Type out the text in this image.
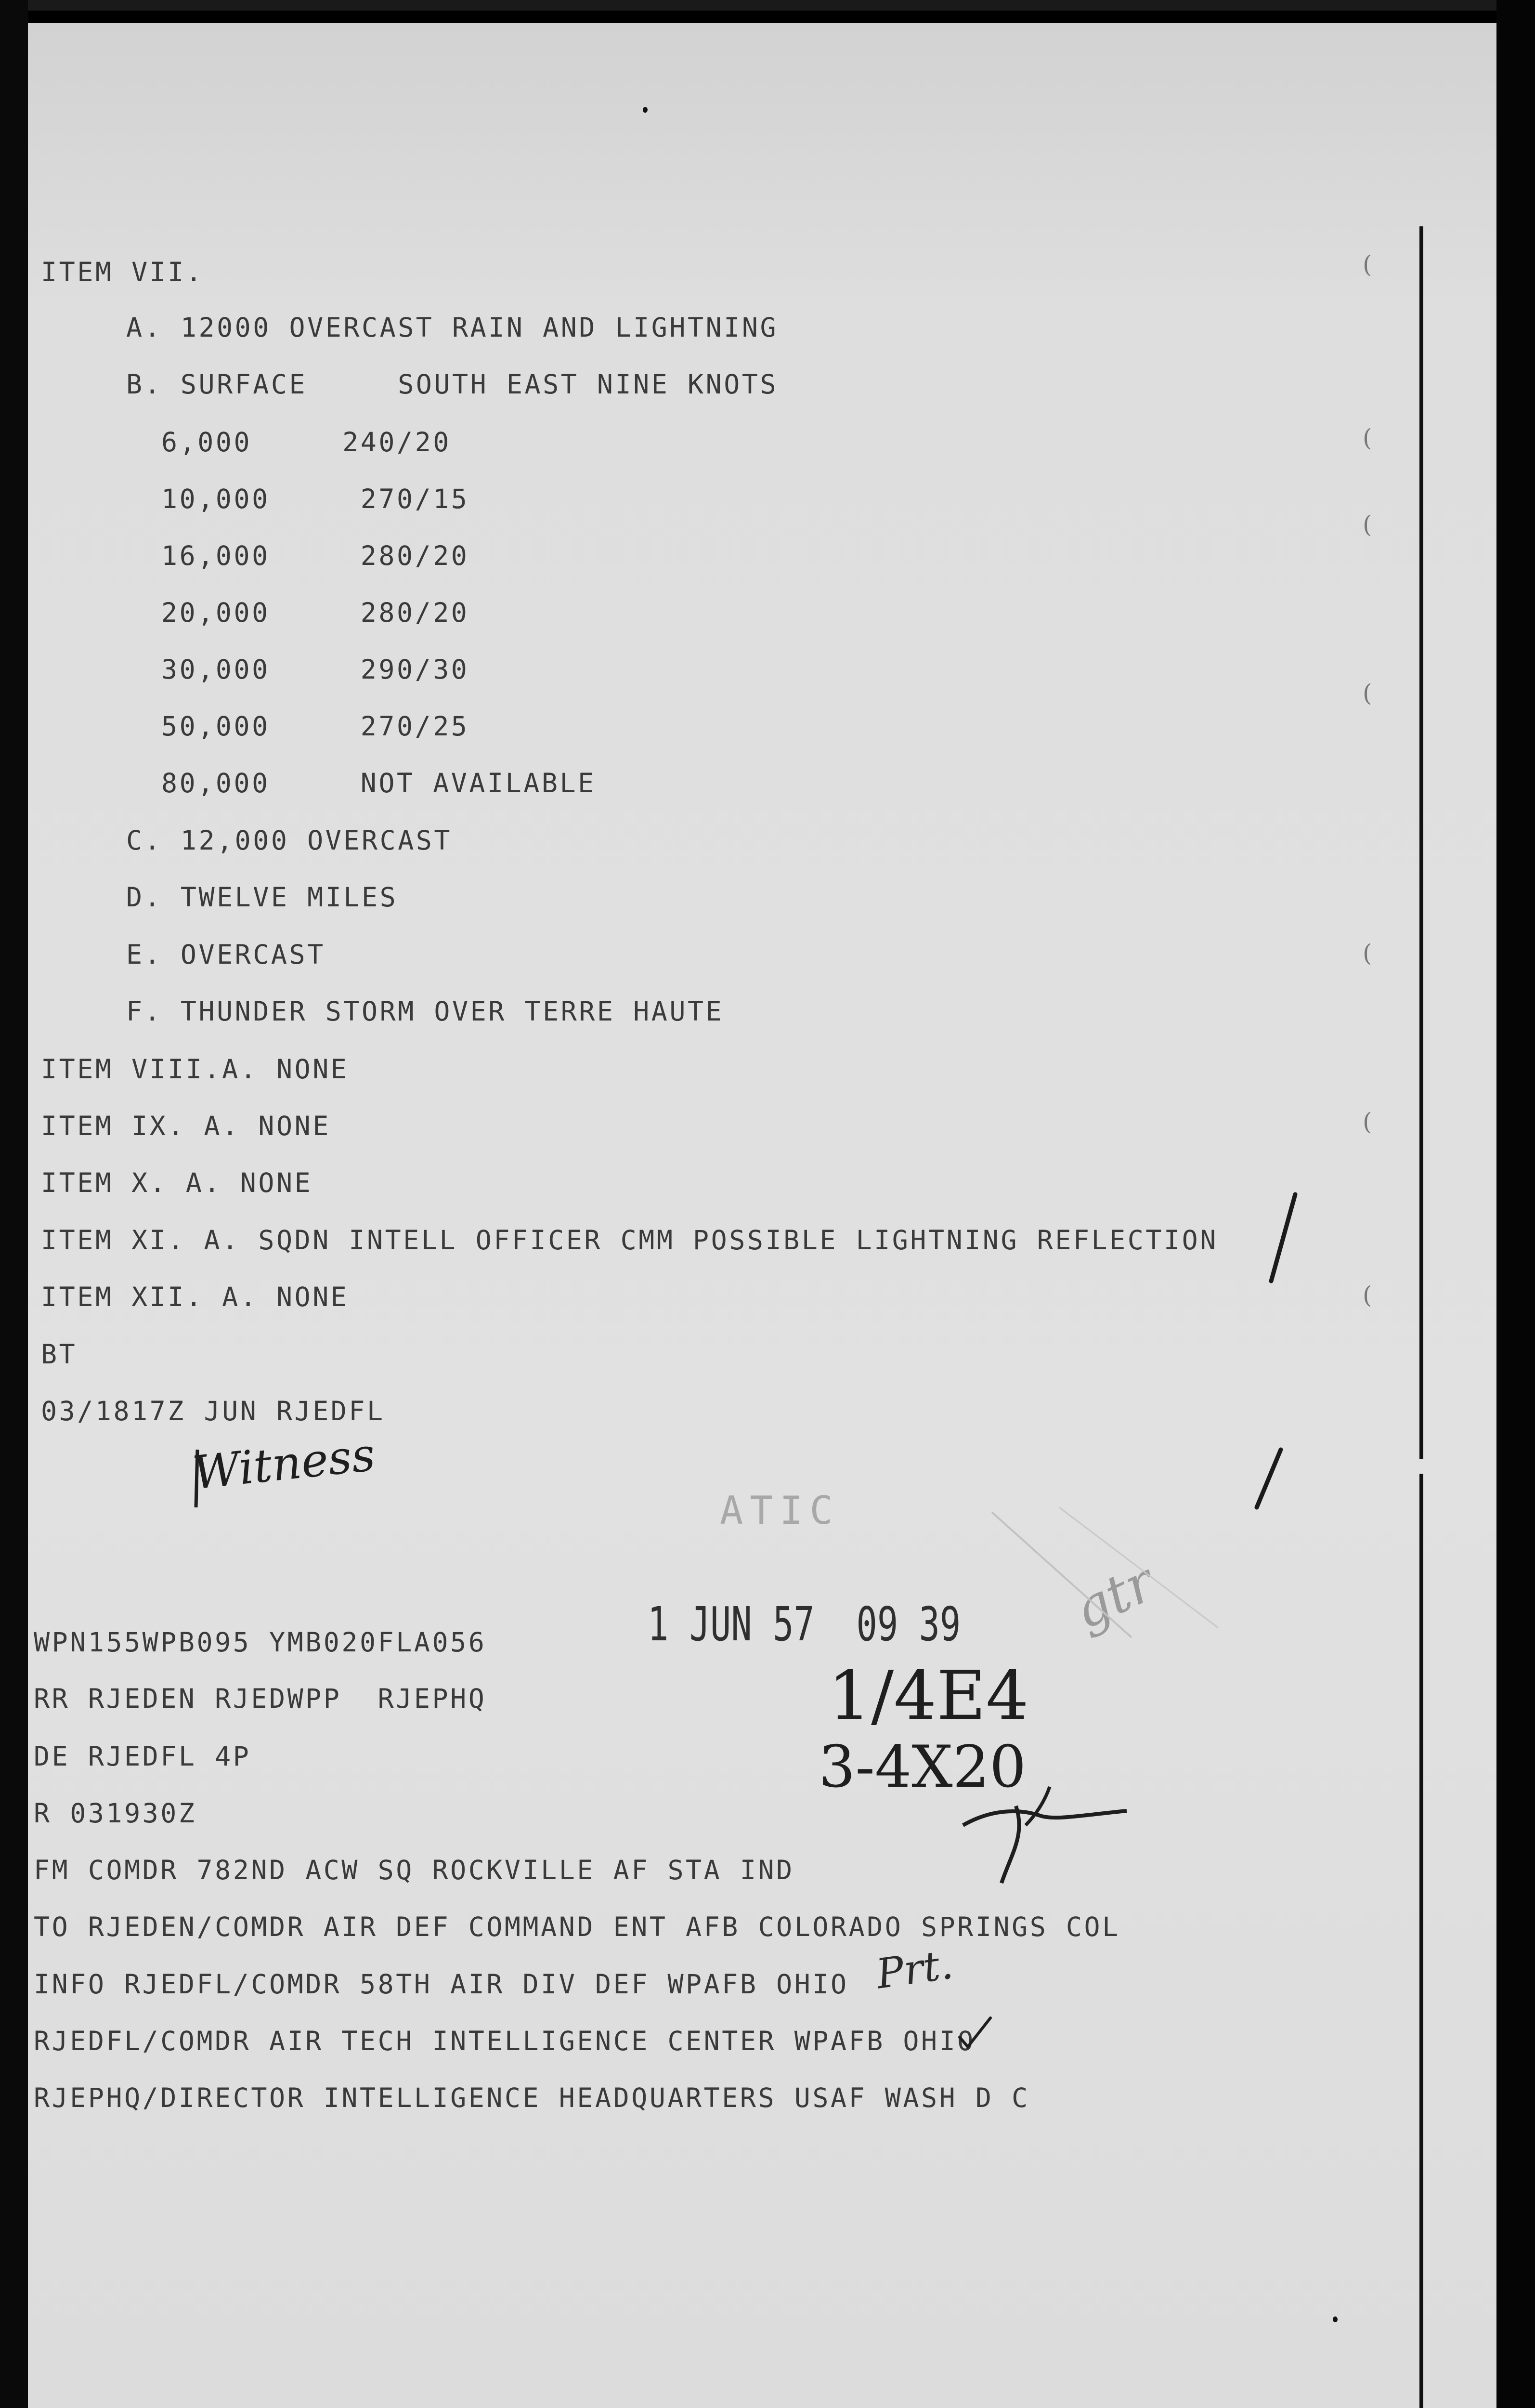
(
(
(
(
(
(
(

ITEM VII.

A. 12000 OVERCAST RAIN AND LIGHTNING

B. SURFACE     SOUTH EAST NINE KNOTS

6,000     240/20

10,000     270/15

16,000     280/20

20,000     280/20

30,000     290/30

50,000     270/25

80,000     NOT AVAILABLE

C. 12,000 OVERCAST

D. TWELVE MILES

E. OVERCAST

F. THUNDER STORM OVER TERRE HAUTE

ITEM VIII.A. NONE

ITEM IX. A. NONE

ITEM X. A. NONE

ITEM XI. A. SQDN INTELL OFFICER CMM POSSIBLE LIGHTNING REFLECTION

ITEM XII. A. NONE

BT

03/1817Z JUN RJEDFL

Witness
ATIC
1 JUN 57  09 39
1/4E4
3-4X20
gtr

WPN155WPB095 YMB020FLA056

RR RJEDEN RJEDWPP  RJEPHQ

DE RJEDFL 4P

R 031930Z

FM COMDR 782ND ACW SQ ROCKVILLE AF STA IND

TO RJEDEN/COMDR AIR DEF COMMAND ENT AFB COLORADO SPRINGS COL

INFO RJEDFL/COMDR 58TH AIR DIV DEF WPAFB OHIO

RJEDFL/COMDR AIR TECH INTELLIGENCE CENTER WPAFB OHIO

RJEPHQ/DIRECTOR INTELLIGENCE HEADQUARTERS USAF WASH D C

Prt.
